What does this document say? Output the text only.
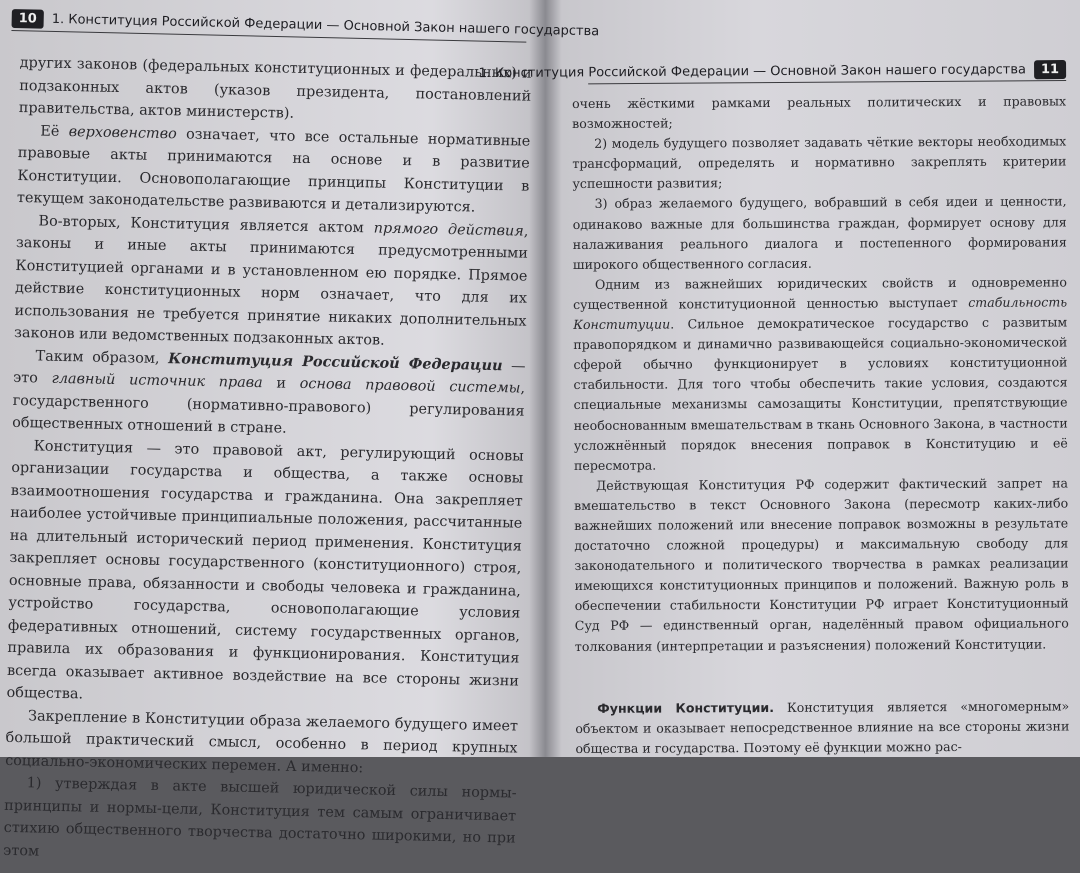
10	1. Конституция Российской Федерации — Основной Закон нашего государства

других законов (федеральных конституционных и федеральных) и подзаконных актов (указов президента, постановлений правительства, актов министерств).

Её верховенство означает, что все остальные нормативные правовые акты принимаются на основе и в развитие Конституции. Основополагающие принципы Конституции в текущем законодательстве развиваются и детализируются.

Во-вторых, Конституция является актом прямого действия, законы и иные акты принимаются предусмотренными Конституцией органами и в установленном ею порядке. Прямое действие конституционных норм означает, что для их использования не требуется принятие никаких дополнительных законов или ведомственных подзаконных актов.

Таким образом, Конституция Российской Федерации — это главный источник права и основа правовой системы, государственного (нормативно-правового) регулирования общественных отношений в стране.

Конституция — это правовой акт, регулирующий основы организации государства и общества, а также основы взаимоотношения государства и гражданина. Она закрепляет наиболее устойчивые принципиальные положения, рассчитанные на длительный исторический период применения. Конституция закрепляет основы государственного (конституционного) строя, основные права, обязанности и свободы человека и гражданина, устройство государства, основополагающие условия федеративных отношений, систему государственных органов, правила их образования и функционирования. Конституция всегда оказывает активное воздействие на все стороны жизни общества.

Закрепление в Конституции образа желаемого будущего имеет большой практический смысл, особенно в период крупных социально-экономических перемен. А именно:

1) утверждая в акте высшей юридической силы нормы-принципы и нормы-цели, Конституция тем самым ограничивает стихию общественного творчества достаточно широкими, но при этом

1. Конституция Российской Федерации — Основной Закон нашего государства	11

очень жёсткими рамками реальных политических и правовых возможностей;

2) модель будущего позволяет задавать чёткие векторы необходимых трансформаций, определять и нормативно закреплять критерии успешности развития;

3) образ желаемого будущего, вобравший в себя идеи и ценности, одинаково важные для большинства граждан, формирует основу для налаживания реального диалога и постепенного формирования широкого общественного согласия.

Одним из важнейших юридических свойств и одновременно существенной конституционной ценностью выступает стабильность Конституции. Сильное демократическое государство с развитым правопорядком и динамично развивающейся социально-экономической сферой обычно функционирует в условиях конституционной стабильности. Для того чтобы обеспечить такие условия, создаются специальные механизмы самозащиты Конституции, препятствующие необоснованным вмешательствам в ткань Основного Закона, в частности усложнённый порядок внесения поправок в Конституцию и её пересмотра.

Действующая Конституция РФ содержит фактический запрет на вмешательство в текст Основного Закона (пересмотр каких-либо важнейших положений или внесение поправок возможны в результате достаточно сложной процедуры) и максимальную свободу для законодательного и политического творчества в рамках реализации имеющихся конституционных принципов и положений. Важную роль в обеспечении стабильности Конституции РФ играет Конституционный Суд РФ — единственный орган, наделённый правом официального толкования (интерпретации и разъяснения) положений Конституции.

Функции Конституции. Конституция является «многомерным» объектом и оказывает непосредственное влияние на все стороны жизни общества и государства. Поэтому её функции можно рас-
